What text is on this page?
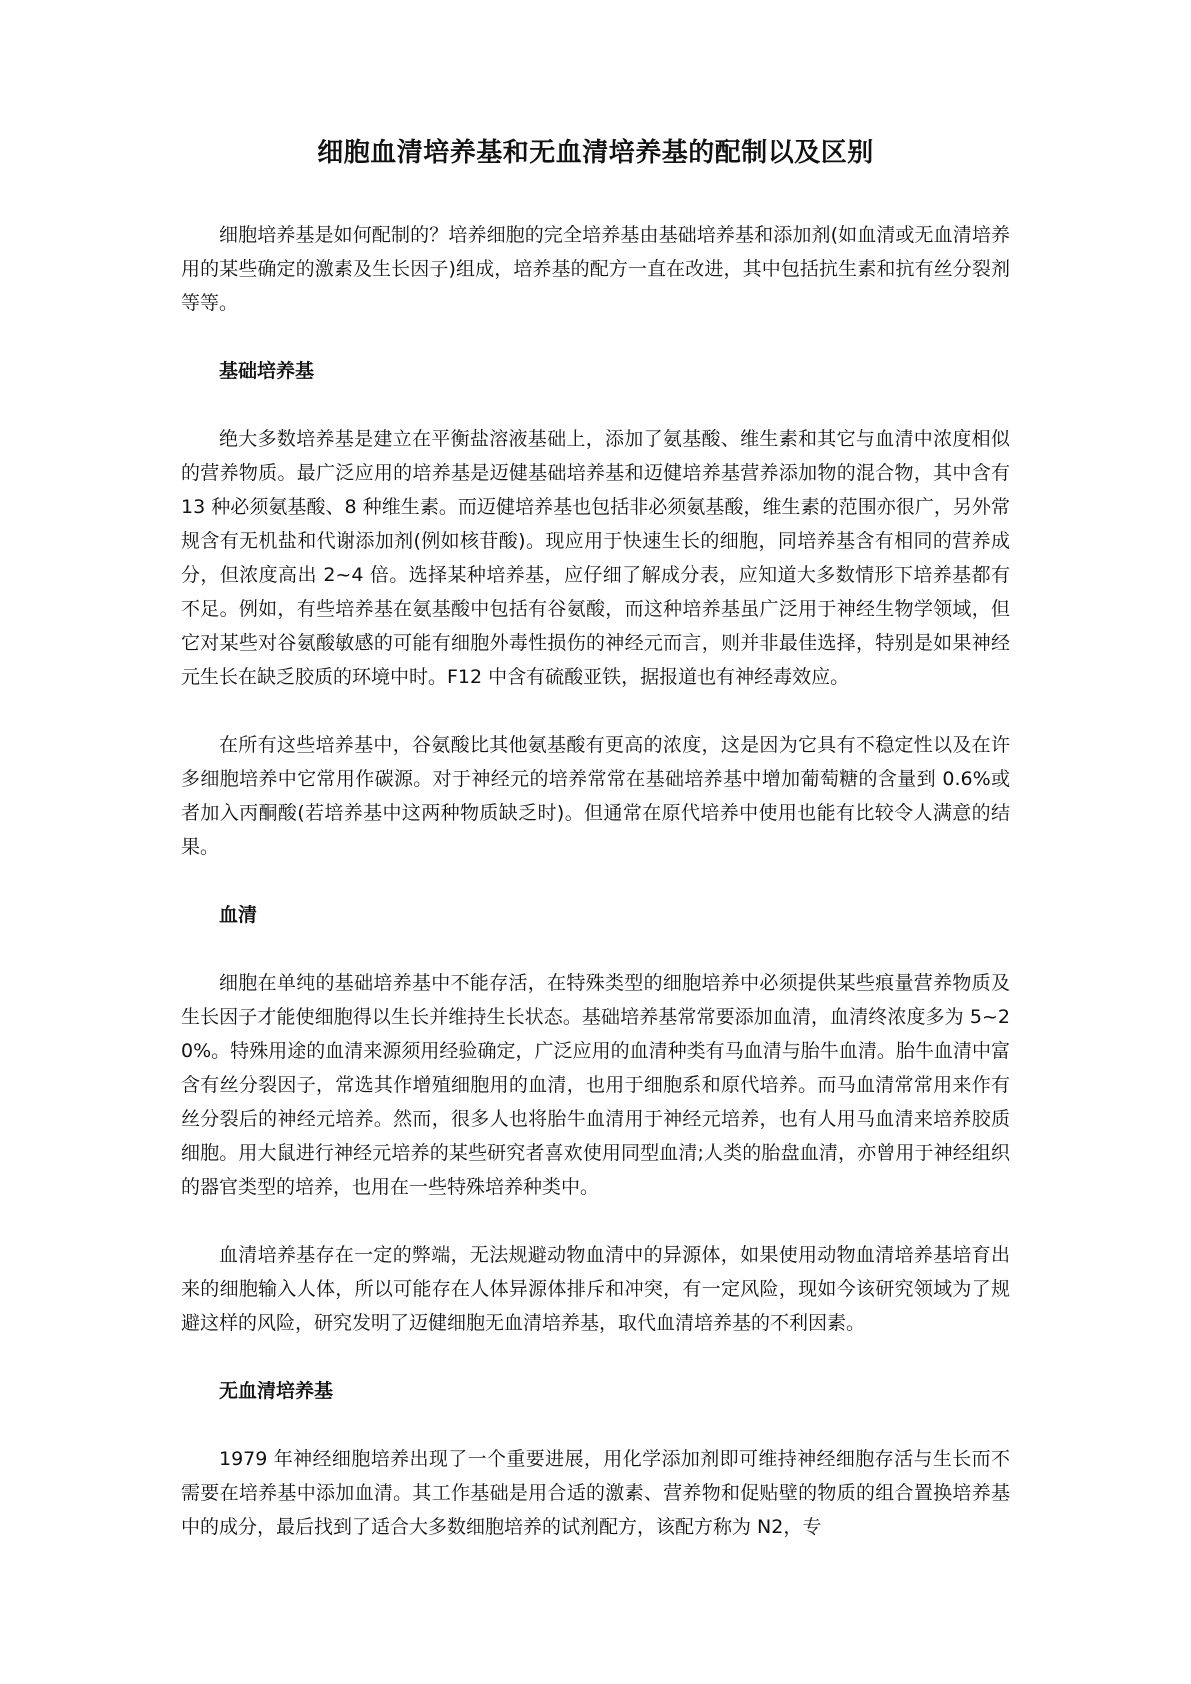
细胞血清培养基和无血清培养基的配制以及区别

细胞培养基是如何配制的？培养细胞的完全培养基由基础培养基和添加剂(如血清或无血清培养用的某些确定的激素及生长因子)组成，培养基的配方一直在改进，其中包括抗生素和抗有丝分裂剂等等。

基础培养基

绝大多数培养基是建立在平衡盐溶液基础上，添加了氨基酸、维生素和其它与血清中浓度相似的营养物质。最广泛应用的培养基是迈健基础培养基和迈健培养基营养添加物的混合物，其中含有 13 种必须氨基酸、8 种维生素。而迈健培养基也包括非必须氨基酸，维生素的范围亦很广，另外常规含有无机盐和代谢添加剂(例如核苷酸)。现应用于快速生长的细胞，同培养基含有相同的营养成分，但浓度高出 2~4 倍。选择某种培养基，应仔细了解成分表，应知道大多数情形下培养基都有不足。例如，有些培养基在氨基酸中包括有谷氨酸，而这种培养基虽广泛用于神经生物学领域，但它对某些对谷氨酸敏感的可能有细胞外毒性损伤的神经元而言，则并非最佳选择，特别是如果神经元生长在缺乏胶质的环境中时。F12 中含有硫酸亚铁，据报道也有神经毒效应。

在所有这些培养基中，谷氨酸比其他氨基酸有更高的浓度，这是因为它具有不稳定性以及在许多细胞培养中它常用作碳源。对于神经元的培养常常在基础培养基中增加葡萄糖的含量到 0.6%或者加入丙酮酸(若培养基中这两种物质缺乏时)。但通常在原代培养中使用也能有比较令人满意的结果。

血清

细胞在单纯的基础培养基中不能存活，在特殊类型的细胞培养中必须提供某些痕量营养物质及生长因子才能使细胞得以生长并维持生长状态。基础培养基常常要添加血清，血清终浓度多为 5~20%。特殊用途的血清来源须用经验确定，广泛应用的血清种类有马血清与胎牛血清。胎牛血清中富含有丝分裂因子，常选其作增殖细胞用的血清，也用于细胞系和原代培养。而马血清常常用来作有丝分裂后的神经元培养。然而，很多人也将胎牛血清用于神经元培养，也有人用马血清来培养胶质细胞。用大鼠进行神经元培养的某些研究者喜欢使用同型血清;人类的胎盘血清，亦曾用于神经组织的器官类型的培养，也用在一些特殊培养种类中。

血清培养基存在一定的弊端，无法规避动物血清中的异源体，如果使用动物血清培养基培育出来的细胞输入人体，所以可能存在人体异源体排斥和冲突，有一定风险，现如今该研究领域为了规避这样的风险，研究发明了迈健细胞无血清培养基，取代血清培养基的不利因素。

无血清培养基

1979 年神经细胞培养出现了一个重要进展，用化学添加剂即可维持神经细胞存活与生长而不需要在培养基中添加血清。其工作基础是用合适的激素、营养物和促贴壁的物质的组合置换培养基中的成分，最后找到了适合大多数细胞培养的试剂配方，该配方称为 N2，专
